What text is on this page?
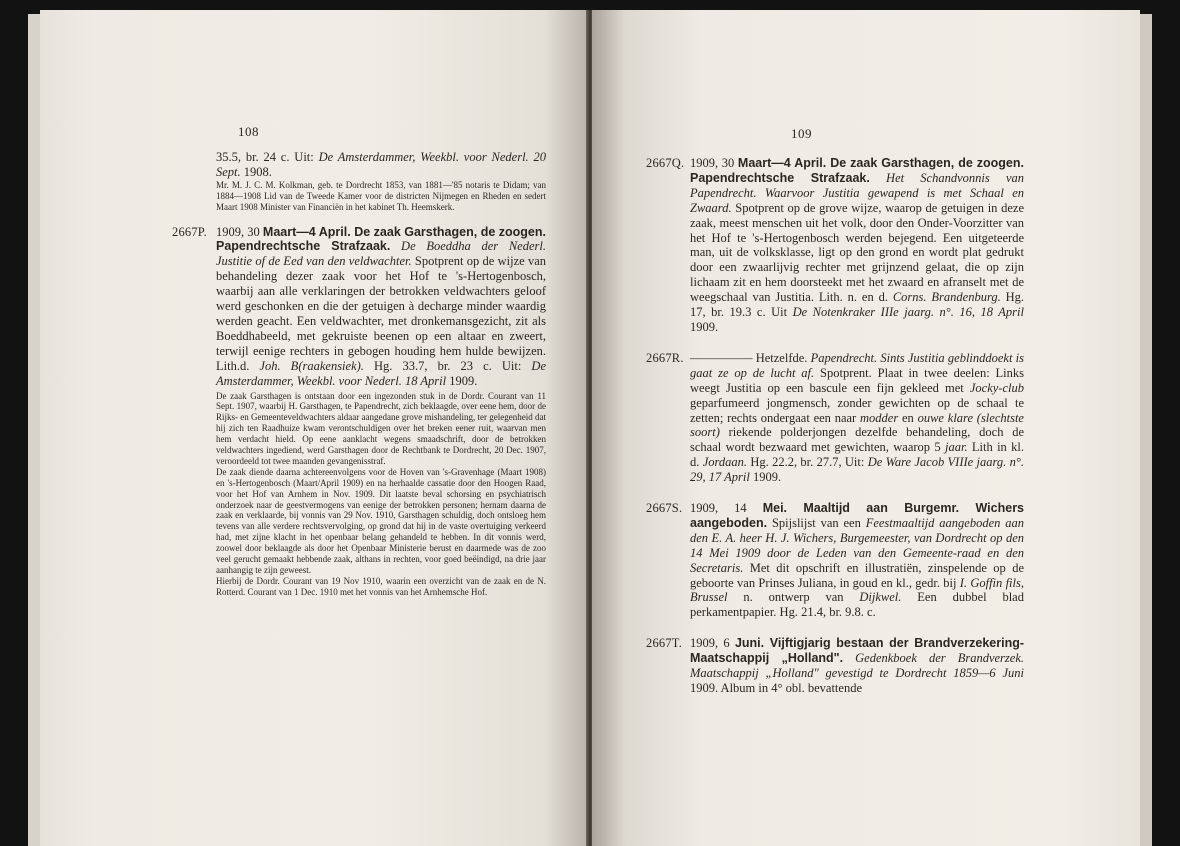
108

35.5, br. 24 c. Uit: De Amsterdammer, Weekbl. voor Nederl. 20 Sept. 1908.

Mr. M. J. C. M. Kolkman, geb. te Dordrecht 1853, van 1881—'85 notaris te Didam; van 1884—1908 Lid van de Tweede Kamer voor de districten Nijmegen en Rheden en sedert Maart 1908 Minister van Financiën in het kabinet Th. Heemskerk.

2667P. 1909, 30 Maart—4 April. De zaak Garsthagen, de zoogen. Papendrechtsche Strafzaak. De Boeddha der Nederl. Justitie of de Eed van den veldwachter. Spotprent op de wijze van behandeling dezer zaak voor het Hof te 's-Hertogenbosch, waarbij aan alle verklaringen der betrokken veldwachters geloof werd geschonken en die der getuigen à decharge minder waardig werden geacht. Een veldwachter, met dronkemansgezicht, zit als Boeddhabeeld, met gekruiste beenen op een altaar en zweert, terwijl eenige rechters in gebogen houding hem hulde bewijzen. Lith.d. Joh. B(raakensiek). Hg. 33.7, br. 23 c. Uit: De Amsterdammer, Weekbl. voor Nederl. 18 April 1909.

De zaak Garsthagen is ontstaan door een ingezonden stuk in de Dordr. Courant van 11 Sept. 1907, waarbij H. Garsthagen, te Papendrecht, zich beklaagde, over eene hem, door de Rijks- en Gemeenteveldwachters aldaar aangedane grove mishandeling, ter gelegenheid dat hij zich ten Raadhuize kwam verontschuldigen over het breken eener ruit, waarvan men hem verdacht hield. Op eene aanklacht wegens smaadschrift, door de betrokken veldwachters ingediend, werd Garsthagen door de Rechtbank te Dordrecht, 20 Dec. 1907, veroordeeld tot twee maanden gevangenisstraf.

De zaak diende daarna achtereenvolgens voor de Hoven van 's-Gravenhage (Maart 1908) en 's-Hertogenbosch (Maart/April 1909) en na herhaalde cassatie door den Hoogen Raad, voor het Hof van Arnhem in Nov. 1909. Dit laatste beval schorsing en psychiatrisch onderzoek naar de geestvermogens van eenige der betrokken personen; hernam daarna de zaak en verklaarde, bij vonnis van 29 Nov. 1910, Garsthagen schuldig, doch ontsloeg hem tevens van alle verdere rechtsvervolging, op grond dat hij in de vaste overtuiging verkeerd had, met zijne klacht in het openbaar belang gehandeld te hebben. In dit vonnis werd, zoowel door beklaagde als door het Openbaar Ministerie berust en daarmede was de zoo veel gerucht gemaakt hebbende zaak, althans in rechten, voor goed beëindigd, na drie jaar aanhangig te zijn geweest.

Hierbij de Dordr. Courant van 19 Nov 1910, waarin een overzicht van de zaak en de N. Rotterd. Courant van 1 Dec. 1910 met het vonnis van het Arnhemsche Hof.

109
2667Q. 1909, 30 Maart—4 April. De zaak Garsthagen, de zoogen. Papendrechtsche Strafzaak. Het Schandvonnis van Papendrecht. Waarvoor Justitia gewapend is met Schaal en Zwaard. Spotprent op de grove wijze, waarop de getuigen in deze zaak, meest menschen uit het volk, door den Onder-Voorzitter van het Hof te 's-Hertogenbosch werden bejegend. Een uitgeteerde man, uit de volksklasse, ligt op den grond en wordt plat gedrukt door een zwaarlijvig rechter met grijnzend gelaat, die op zijn lichaam zit en hem doorsteekt met het zwaard en afranselt met de weegschaal van Justitia. Lith. n. en d. Corns. Brandenburg. Hg. 17, br. 19.3 c. Uit De Notenkraker IIIe jaarg. n°. 16, 18 April 1909.

2667R. ————— Hetzelfde. Papendrecht. Sints Justitia geblinddoekt is gaat ze op de lucht af. Spotprent. Plaat in twee deelen: Links weegt Justitia op een bascule een fijn gekleed met Jocky-club geparfumeerd jongmensch, zonder gewichten op de schaal te zetten; rechts ondergaat een naar modder en ouwe klare (slechtste soort) riekende polderjongen dezelfde behandeling, doch de schaal wordt bezwaard met gewichten, waarop 5 jaar. Lith in kl. d. Jordaan. Hg. 22.2, br. 27.7, Uit: De Ware Jacob VIIIe jaarg. n°. 29, 17 April 1909.

2667S. 1909, 14 Mei. Maaltijd aan Burgemr. Wichers aangeboden. Spijslijst van een Feestmaaltijd aangeboden aan den E. A. heer H. J. Wichers, Burgemeester, van Dordrecht op den 14 Mei 1909 door de Leden van den Gemeente-raad en den Secretaris. Met dit opschrift en illustratiën, zinspelende op de geboorte van Prinses Juliana, in goud en kl., gedr. bij I. Goffin fils, Brussel n. ontwerp van Dijkwel. Een dubbel blad perkamentpapier. Hg. 21.4, br. 9.8. c.

2667T. 1909, 6 Juni. Vijftigjarig bestaan der Brandverzekering-Maatschappij „Holland". Gedenkboek der Brandverzek. Maatschappij „Holland" gevestigd te Dordrecht 1859—6 Juni 1909. Album in 4° obl. bevattende
